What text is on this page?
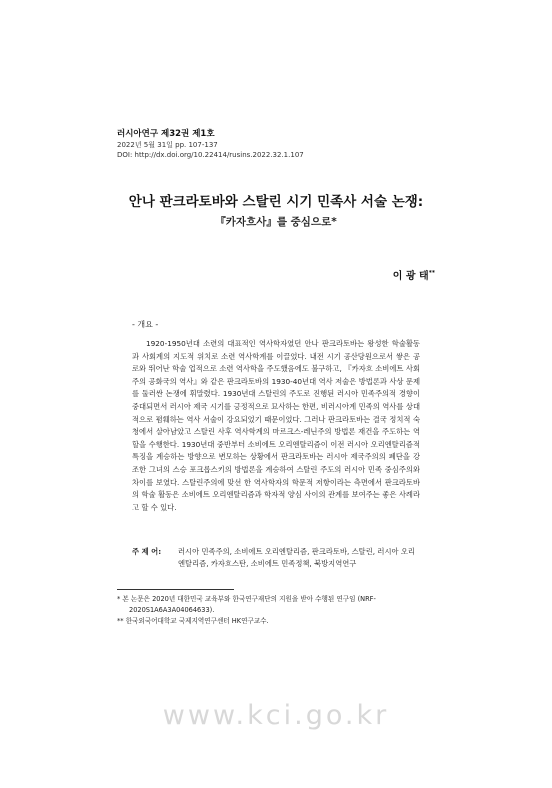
러시아연구 제32권 제1호
2022년 5월 31일 pp. 107-137
DOI: http://dx.doi.org/10.22414/rusins.2022.32.1.107
안나 판크라토바와 스탈린 시기 민족사 서술 논쟁:
『카자흐사』를 중심으로*
이 광 태**
- 개요 -
1920-1950년대 소련의 대표적인 역사학자였던 안나 판크라토바는 왕성한 학술활동과 사회계의 지도적 위치로 소련 역사학계를 이끌었다. 내전 시기 공산당원으로서 쌓은 공로와 뛰어난 학술 업적으로 소련 역사학을 주도했음에도 불구하고, 『카자흐 소비에트 사회주의 공화국의 역사』와 같은 판크라토바의 1930-40년대 역사 저술은 방법론과 사상 문제를 둘러싼 논쟁에 휘말렸다. 1930년대 스탈린의 주도로 진행된 러시아 민족주의적 경향이 중대되면서 러시아 제국 시기를 긍정적으로 묘사하는 한편, 비러시아계 민족의 역사를 상대적으로 폄훼하는 역사 서술이 강요되었기 때문이었다. 그러나 판크라토바는 결국 정치적 숙청에서 살아남았고 스탈린 사후 역사학계의 마르크스-레닌주의 방법론 재건을 주도하는 역할을 수행한다. 1930년대 중반부터 소비에트 오리엔탈리즘이 이전 러시아 오리엔탈리즘적 특징을 계승하는 방향으로 변모하는 상황에서 판크라토바는 러시아 제국주의의 폐단을 강조한 그녀의 스승 포크롭스키의 방법론을 계승하여 스탈린 주도의 러시아 민족 중심주의와 차이를 보였다. 스탈린주의에 맞선 한 역사학자의 학문적 저항이라는 측면에서 판크라토바의 학술 활동은 소비에트 오리엔탈리즘과 학자적 양심 사이의 관계를 보여주는 좋은 사례라고 할 수 있다.
주 제 어:	러시아 민족주의, 소비에트 오리엔탈리즘, 판크라토바, 스탈린, 러시아 오리엔탈리즘, 카자흐스탄, 소비에트 민족정책, 북방지역연구

* 본 논문은 2020년 대한민국 교육부와 한국연구재단의 지원을 받아 수행된 연구임 (NRF-2020S1A6A3A04064633).

** 한국외국어대학교 국제지역연구센터 HK연구교수.

www.kci.go.kr
